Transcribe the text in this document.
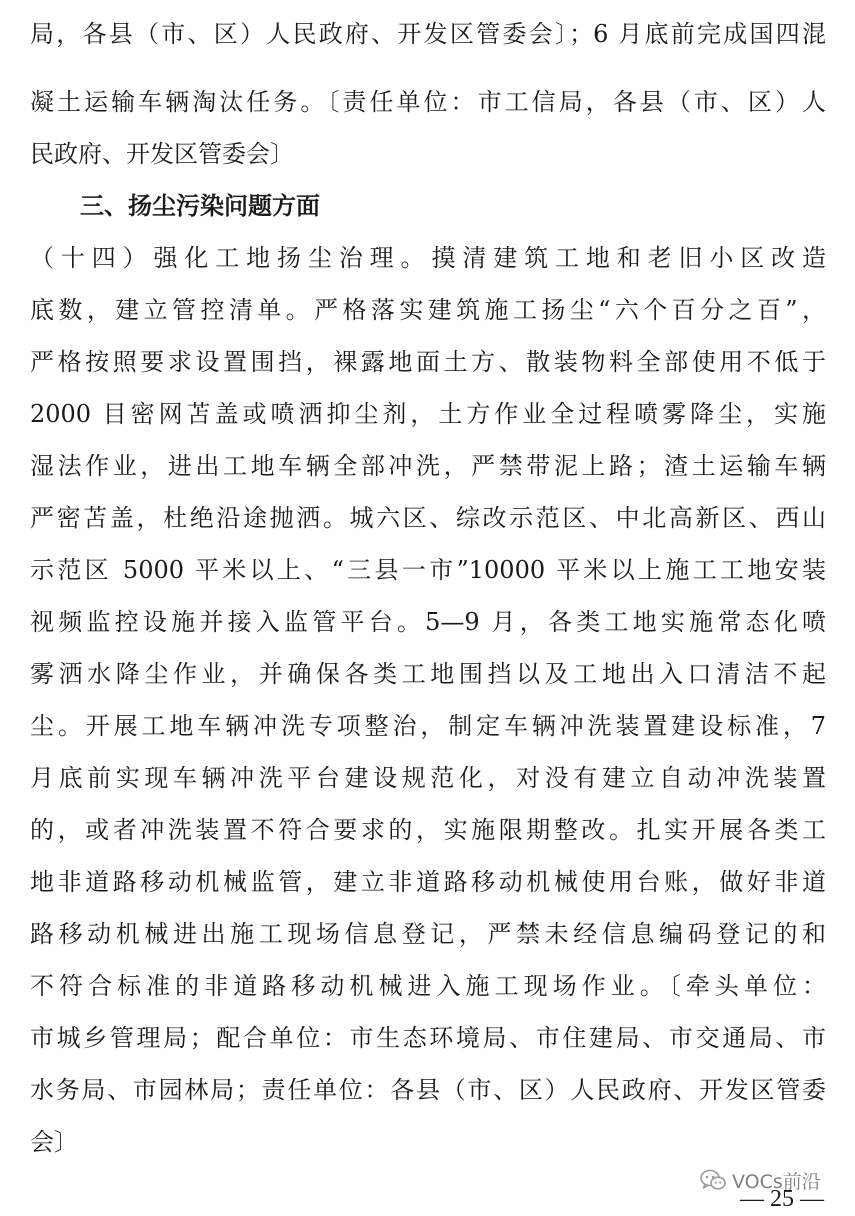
局，各县（市、区）人民政府、开发区管委会〕；6 月底前完成国四混
凝土运输车辆淘汰任务。〔责任单位：市工信局，各县（市、区）人
民政府、开发区管委会〕
三、扬尘污染问题方面
（十四）强化工地扬尘治理。摸清建筑工地和老旧小区改造
底数，建立管控清单。严格落实建筑施工扬尘“六个百分之百”，
严格按照要求设置围挡，裸露地面土方、散装物料全部使用不低于
2000 目密网苫盖或喷洒抑尘剂，土方作业全过程喷雾降尘，实施
湿法作业，进出工地车辆全部冲洗，严禁带泥上路；渣土运输车辆
严密苫盖，杜绝沿途抛洒。城六区、综改示范区、中北高新区、西山
示范区 5000 平米以上、“三县一市”10000 平米以上施工工地安装
视频监控设施并接入监管平台。5—9 月，各类工地实施常态化喷
雾洒水降尘作业，并确保各类工地围挡以及工地出入口清洁不起
尘。开展工地车辆冲洗专项整治，制定车辆冲洗装置建设标准，7
月底前实现车辆冲洗平台建设规范化，对没有建立自动冲洗装置
的，或者冲洗装置不符合要求的，实施限期整改。扎实开展各类工
地非道路移动机械监管，建立非道路移动机械使用台账，做好非道
路移动机械进出施工现场信息登记，严禁未经信息编码登记的和
不符合标准的非道路移动机械进入施工现场作业。〔牵头单位：
市城乡管理局；配合单位：市生态环境局、市住建局、市交通局、市
水务局、市园林局；责任单位：各县（市、区）人民政府、开发区管委
会〕
VOCs前沿
— 25 —
